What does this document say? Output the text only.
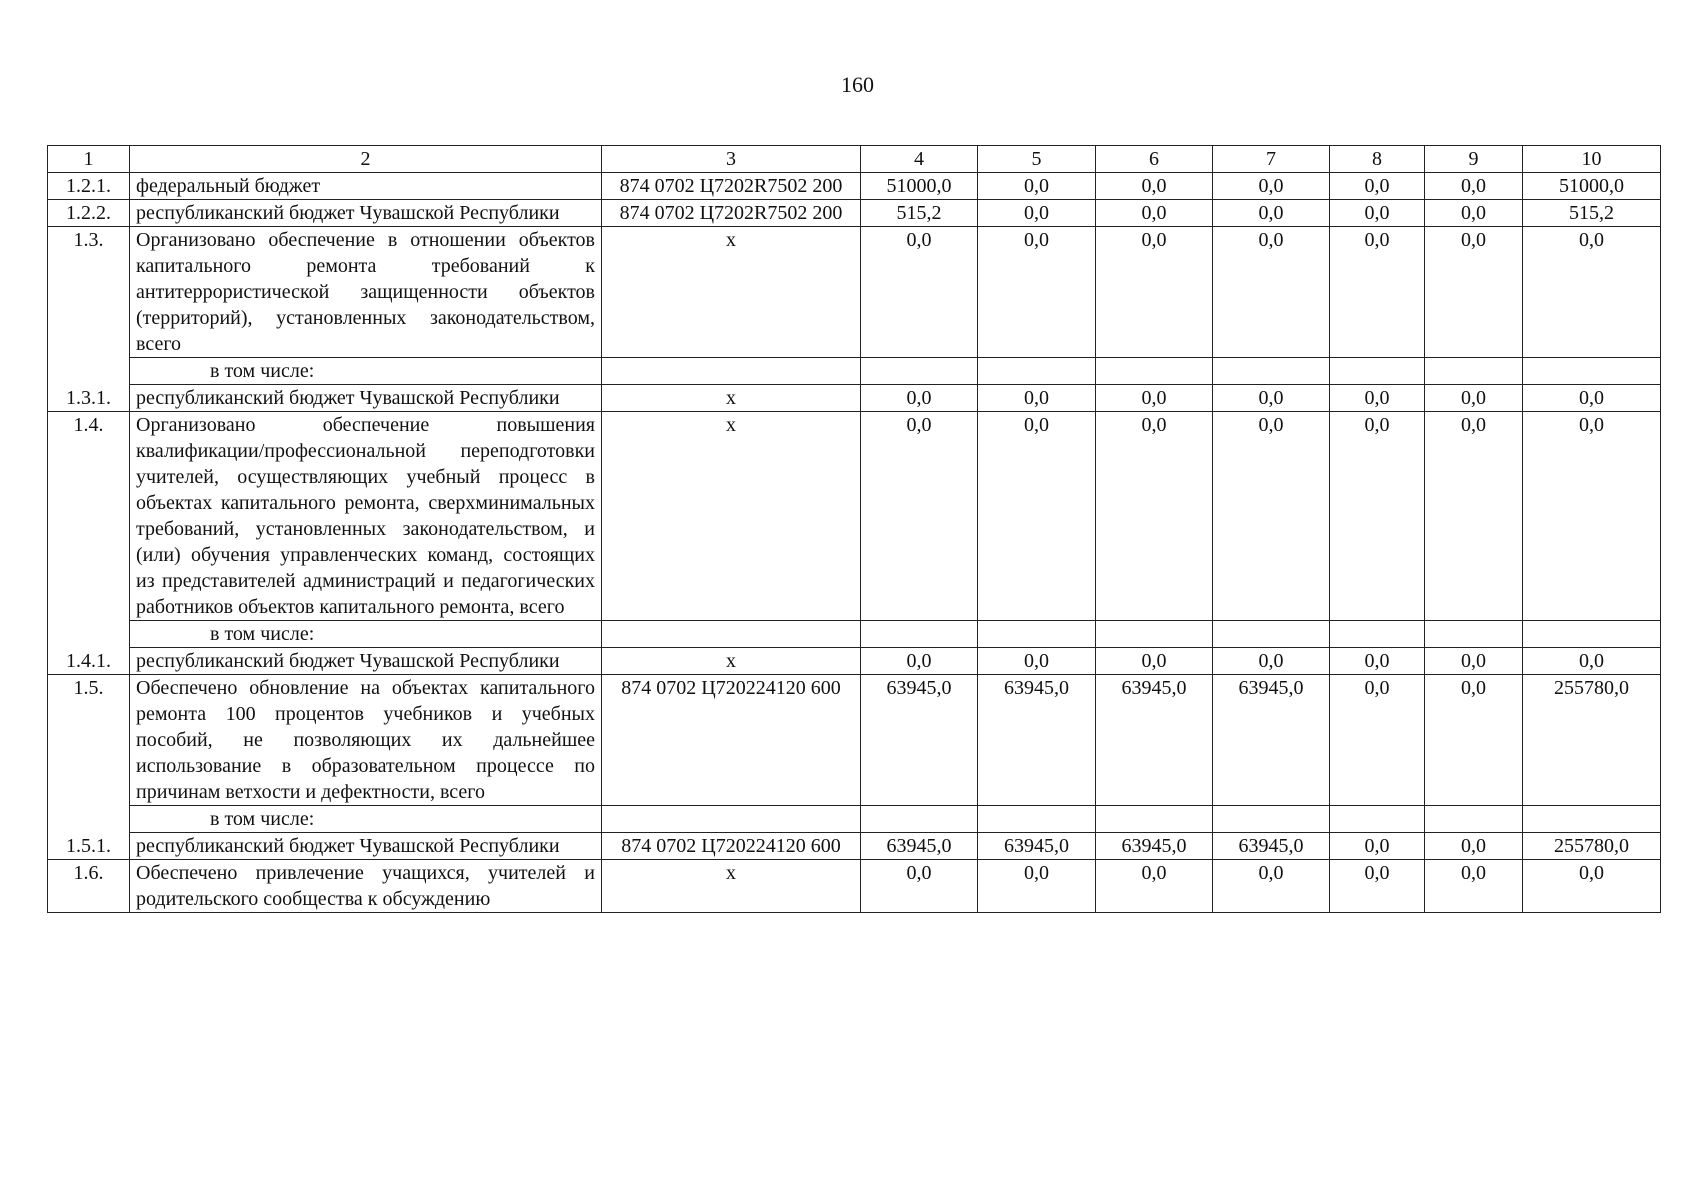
160
1	2	3	4	5	6	7	8	9	10
1.2.1.	федеральный бюджет	874 0702 Ц7202R7502 200	51000,0	0,0	0,0	0,0	0,0	0,0	51000,0
1.2.2.	республиканский бюджет Чувашской Республики	874 0702 Ц7202R7502 200	515,2	0,0	0,0	0,0	0,0	0,0	515,2
1.3.	Организовано обеспечение в отношении объектов капитального ремонта требований к антитеррористической защищенности объектов (территорий), установленных законодательством, всего	х	0,0	0,0	0,0	0,0	0,0	0,0	0,0
	в том числе:								
1.3.1.	республиканский бюджет Чувашской Республики	х	0,0	0,0	0,0	0,0	0,0	0,0	0,0
1.4.	Организовано обеспечение повышения квалификации/профессиональной переподготовки учителей, осуществляющих учебный процесс в объектах капитального ремонта, сверхминимальных требований, установленных законодательством, и (или) обучения управленческих команд, состоящих из представителей администраций и педагогических работников объектов капитального ремонта, всего	х	0,0	0,0	0,0	0,0	0,0	0,0	0,0
	в том числе:								
1.4.1.	республиканский бюджет Чувашской Республики	х	0,0	0,0	0,0	0,0	0,0	0,0	0,0
1.5.	Обеспечено обновление на объектах капитального ремонта 100 процентов учебников и учебных пособий, не позволяющих их дальнейшее использование в образовательном процессе по причинам ветхости и дефектности, всего	874 0702 Ц720224120 600	63945,0	63945,0	63945,0	63945,0	0,0	0,0	255780,0
	в том числе:								
1.5.1.	республиканский бюджет Чувашской Республики	874 0702 Ц720224120 600	63945,0	63945,0	63945,0	63945,0	0,0	0,0	255780,0
1.6.	Обеспечено привлечение учащихся, учителей и родительского сообщества к обсуждению	х	0,0	0,0	0,0	0,0	0,0	0,0	0,0
